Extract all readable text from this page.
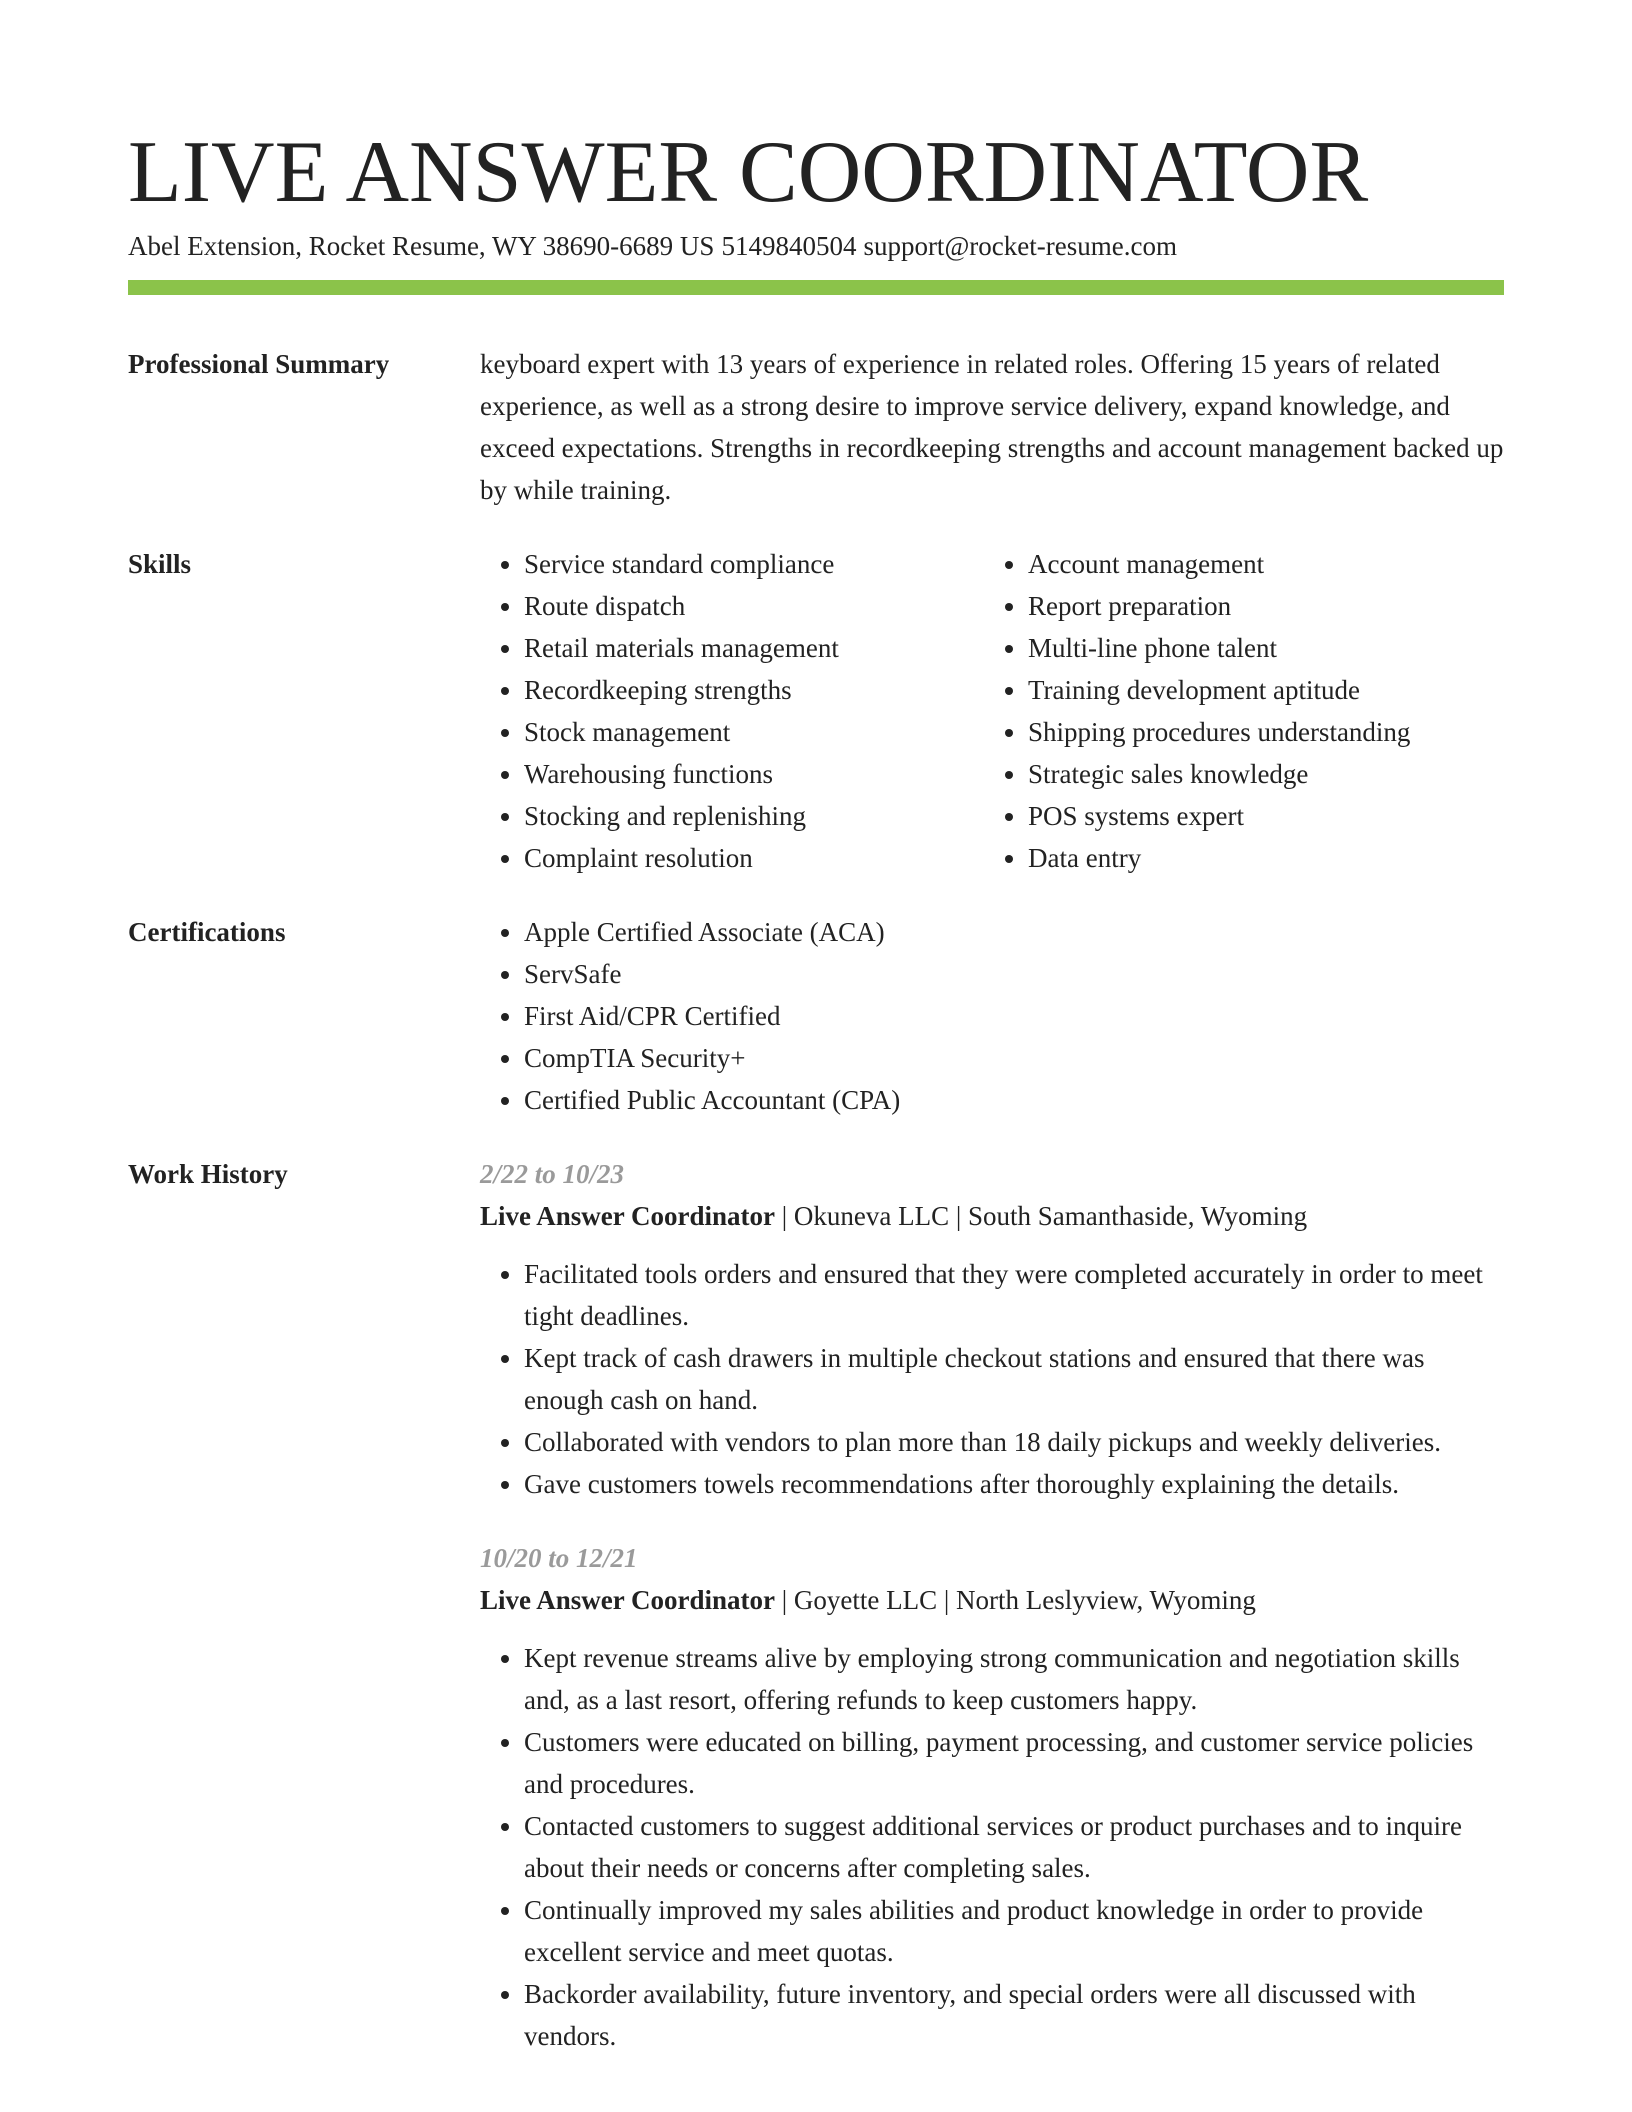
LIVE ANSWER COORDINATOR
Abel Extension, Rocket Resume, WY 38690-6689 US 5149840504 support@rocket-resume.com
Professional Summary	keyboard expert with 13 years of experience in related roles. Offering 15 years of related experience, as well as a strong desire to improve service delivery, expand knowledge, and exceed expectations. Strengths in recordkeeping strengths and account management backed up by while training.

Skills	• Service standard compliance
• Route dispatch
• Retail materials management
• Recordkeeping strengths
• Stock management
• Warehousing functions
• Stocking and replenishing
• Complaint resolution
• Account management
• Report preparation
• Multi-line phone talent
• Training development aptitude
• Shipping procedures understanding
• Strategic sales knowledge
• POS systems expert
• Data entry
Certifications	• Apple Certified Associate (ACA)
• ServSafe
• First Aid/CPR Certified
• CompTIA Security+
• Certified Public Accountant (CPA)
Work History	2/22 to 10/23
Live Answer Coordinator | Okuneva LLC | South Samanthaside, Wyoming
• Facilitated tools orders and ensured that they were completed accurately in order to meet tight deadlines.
• Kept track of cash drawers in multiple checkout stations and ensured that there was enough cash on hand.
• Collaborated with vendors to plan more than 18 daily pickups and weekly deliveries.
• Gave customers towels recommendations after thoroughly explaining the details.
10/20 to 12/21
Live Answer Coordinator | Goyette LLC | North Leslyview, Wyoming
• Kept revenue streams alive by employing strong communication and negotiation skills and, as a last resort, offering refunds to keep customers happy.
• Customers were educated on billing, payment processing, and customer service policies and procedures.
• Contacted customers to suggest additional services or product purchases and to inquire about their needs or concerns after completing sales.
• Continually improved my sales abilities and product knowledge in order to provide excellent service and meet quotas.
• Backorder availability, future inventory, and special orders were all discussed with vendors.
